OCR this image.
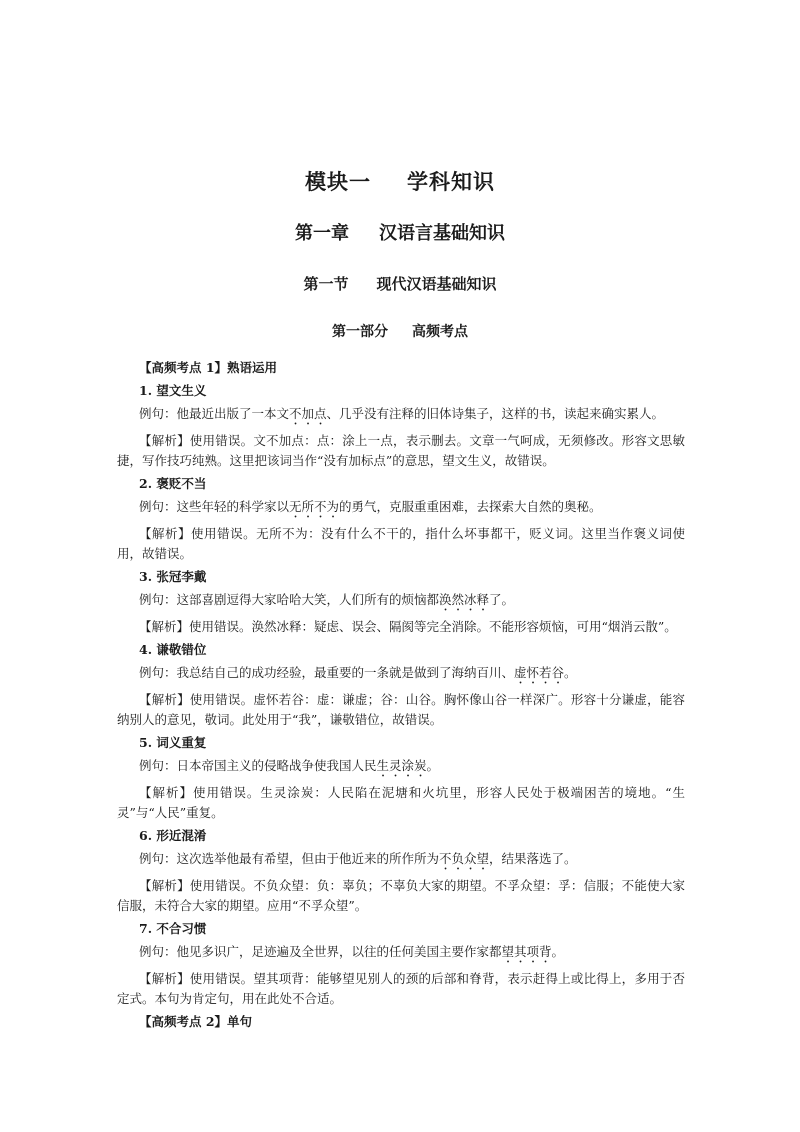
模块一 学科知识
第一章 汉语言基础知识
第一节 现代汉语基础知识
第一部分 高频考点
【高频考点 1】熟语运用
1. 望文生义
例句：他最近出版了一本文不加点、几乎没有注释的旧体诗集子，这样的书，读起来确实累人。
【解析】使用错误。文不加点：点：涂上一点，表示删去。文章一气呵成，无须修改。形容文思敏捷，写作技巧纯熟。这里把该词当作“没有加标点”的意思，望文生义，故错误。
2. 褒贬不当
例句：这些年轻的科学家以无所不为的勇气，克服重重困难，去探索大自然的奥秘。
【解析】使用错误。无所不为：没有什么不干的，指什么坏事都干，贬义词。这里当作褒义词使用，故错误。
3. 张冠李戴
例句：这部喜剧逗得大家哈哈大笑，人们所有的烦恼都涣然冰释了。
【解析】使用错误。涣然冰释：疑虑、误会、隔阂等完全消除。不能形容烦恼，可用“烟消云散”。
4. 谦敬错位
例句：我总结自己的成功经验，最重要的一条就是做到了海纳百川、虚怀若谷。
【解析】使用错误。虚怀若谷：虚：谦虚；谷：山谷。胸怀像山谷一样深广。形容十分谦虚，能容纳别人的意见，敬词。此处用于“我”，谦敬错位，故错误。
5. 词义重复
例句：日本帝国主义的侵略战争使我国人民生灵涂炭。
【解析】使用错误。生灵涂炭：人民陷在泥塘和火坑里，形容人民处于极端困苦的境地。“生灵”与“人民”重复。
6. 形近混淆
例句：这次选举他最有希望，但由于他近来的所作所为不负众望，结果落选了。
【解析】使用错误。不负众望：负：辜负；不辜负大家的期望。不孚众望：孚：信服；不能使大家信服，未符合大家的期望。应用“不孚众望”。
7. 不合习惯
例句：他见多识广，足迹遍及全世界，以往的任何美国主要作家都望其项背。
【解析】使用错误。望其项背：能够望见别人的颈的后部和脊背，表示赶得上或比得上，多用于否定式。本句为肯定句，用在此处不合适。
【高频考点 2】单句
